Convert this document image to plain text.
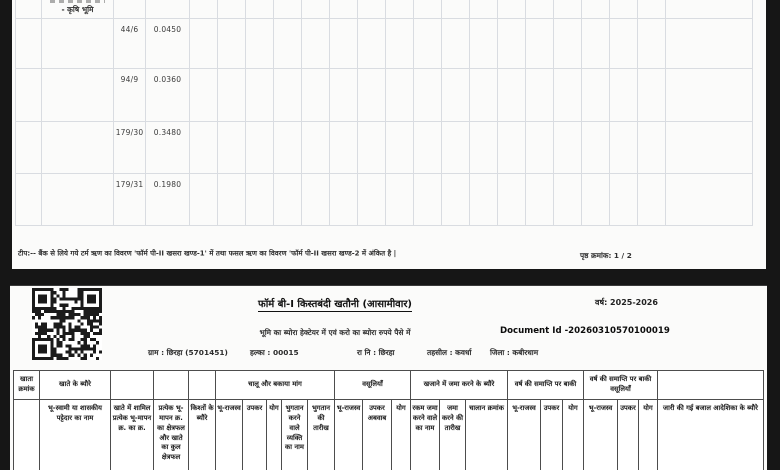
	- कृषि भूमि																				

		44/6	0.0450																		
		94/9	0.0360																		
		179/30	0.3480																		
		179/31	0.1980																		
टीप:-- बैंक से लिये गये टर्म ऋण का विवरण 'फॉर्म पी-II खसरा खण्ड-1' में तथा फसल ऋण का विवरण 'फॉर्म पी-II खसरा खण्ड-2 में अंकित है |	पृष्ठ क्रमांक: 1 / 2
फॉर्म बी-I किस्तबंदी खतौनी (आसामीवार)	वर्ष: 2025-2026
भूमि का ब्योरा हेक्टेयर में एवं करो का ब्योरा रुपये पैसे में	Document Id -20260310570100019
ग्राम : छिरहा (5701451)	हल्का : 00015	रा नि : छिरहा	तहसील : कवर्धा	जिला : कबीरधाम
खाता क्रमांक	खाते के ब्यौरे				चालू और बकाया मांग					वसूलियाँ			खजाने में जमा करने के ब्यौरे			वर्ष की समाप्ति पर बाकी			वर्ष की समाप्ति पर बाकी वसूलियाँ			
	भू-स्वामी या शासकीय पट्टेदार का नाम	खाते में शामिल प्रत्येक भू-मापन क्र. का क्र.	प्रत्येक भू-मापन क्र. का क्षेत्रफल और खाते का कुल क्षेत्रफल	किश्तों के ब्यौरे	भू-राजस्व	उपकर	योग	भुगतान करने वाले व्यक्ति का नाम	भुगतान की तारीख	भू-राजस्व	उपकर अबवाब	योग	रकम जमा करने वाले का नाम	जमा करने की तारीख	चालान क्रमांक	भू-राजस्व	उपकर	योग	भू-राजस्व	उपकर	योग	जारी की गई बजाल आदेशिका के ब्यौरे
